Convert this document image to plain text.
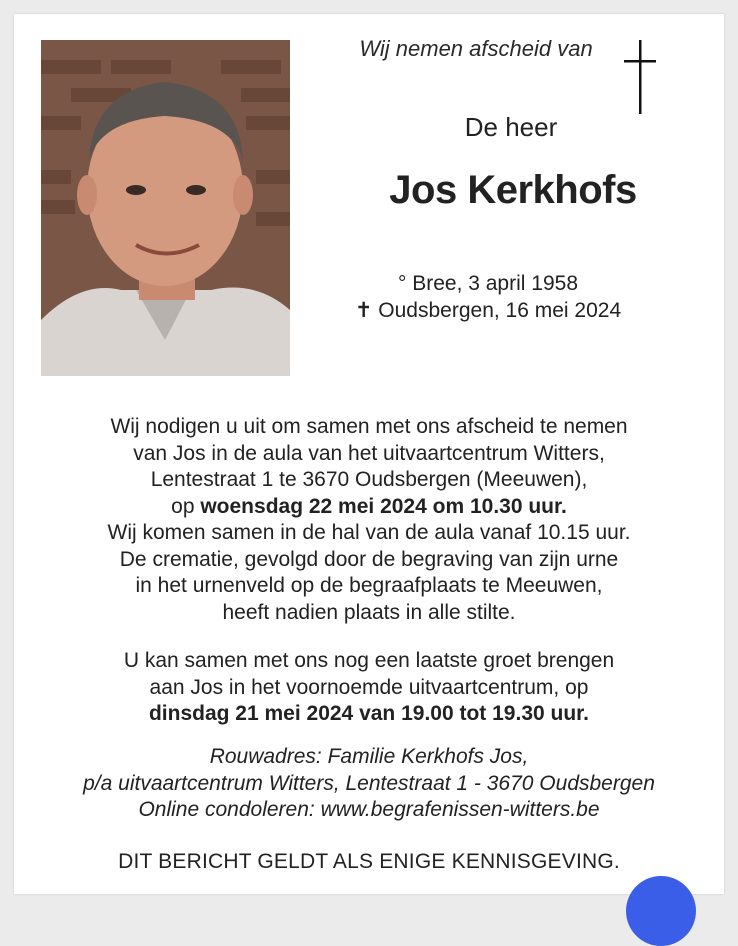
Wij nemen afscheid van
De heer
Jos Kerkhofs
° Bree, 3 april 1958
✝ Oudsbergen, 16 mei 2024
Wij nodigen u uit om samen met ons afscheid te nemen
van Jos in de aula van het uitvaartcentrum Witters,
Lentestraat 1 te 3670 Oudsbergen (Meeuwen),
op woensdag 22 mei 2024 om 10.30 uur.
Wij komen samen in de hal van de aula vanaf 10.15 uur.
De crematie, gevolgd door de begraving van zijn urne
in het urnenveld op de begraafplaats te Meeuwen,
heeft nadien plaats in alle stilte.
U kan samen met ons nog een laatste groet brengen
aan Jos in het voornoemde uitvaartcentrum, op
dinsdag 21 mei 2024 van 19.00 tot 19.30 uur.
Rouwadres: Familie Kerkhofs Jos,
p/a uitvaartcentrum Witters, Lentestraat 1 - 3670 Oudsbergen
Online condoleren: www.begrafenissen-witters.be
DIT BERICHT GELDT ALS ENIGE KENNISGEVING.
